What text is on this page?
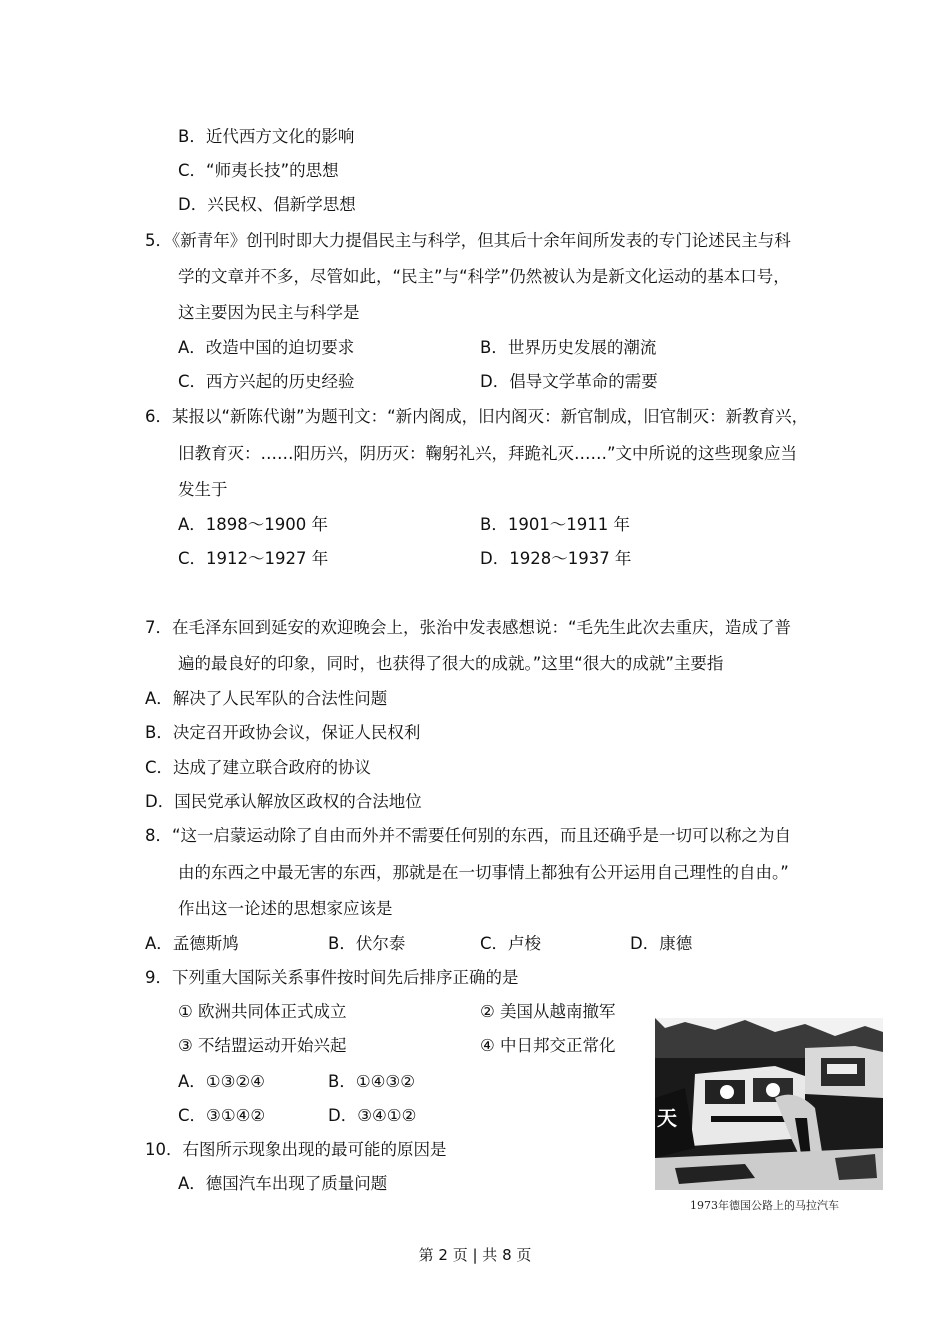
B．近代西方文化的影响
C．“师夷长技”的思想
D．兴民权、倡新学思想
5．《新青年》创刊时即大力提倡民主与科学，但其后十余年间所发表的专门论述民主与科
学的文章并不多，尽管如此，“民主”与“科学”仍然被认为是新文化运动的基本口号，
这主要因为民主与科学是
A．改造中国的迫切要求	B．世界历史发展的潮流
C．西方兴起的历史经验	D．倡导文学革命的需要
6．某报以“新陈代谢”为题刊文：“新内阁成，旧内阁灭：新官制成，旧官制灭：新教育兴，
旧教育灭：……阳历兴，阴历灭：鞠躬礼兴，拜跪礼灭……”文中所说的这些现象应当
发生于
A．1898～1900 年	B．1901～1911 年
C．1912～1927 年	D．1928～1937 年
7．在毛泽东回到延安的欢迎晚会上，张治中发表感想说：“毛先生此次去重庆，造成了普
遍的最良好的印象，同时，也获得了很大的成就。”这里“很大的成就”主要指
A．解决了人民军队的合法性问题
B．决定召开政协会议，保证人民权利
C．达成了建立联合政府的协议
D．国民党承认解放区政权的合法地位
8．“这一启蒙运动除了自由而外并不需要任何别的东西，而且还确乎是一切可以称之为自
由的东西之中最无害的东西，那就是在一切事情上都独有公开运用自己理性的自由。”
作出这一论述的思想家应该是
A．孟德斯鸠	B．伏尔泰	C．卢梭	D．康德
9．下列重大国际关系事件按时间先后排序正确的是
① 欧洲共同体正式成立	② 美国从越南撤军
③ 不结盟运动开始兴起	④ 中日邦交正常化
A．①③②④	B．①④③②
C．③①④②	D．③④①②
10．右图所示现象出现的最可能的原因是
A．德国汽车出现了质量问题
天
1973年德国公路上的马拉汽车
第 2 页 | 共 8 页
